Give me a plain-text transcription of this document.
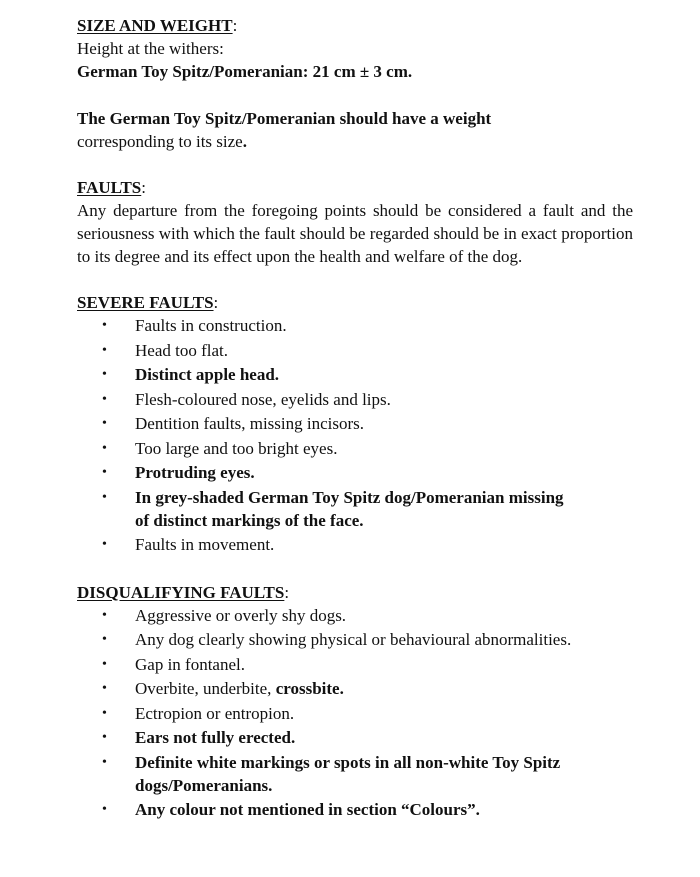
SIZE AND WEIGHT:

Height at the withers:

German Toy Spitz/Pomeranian: 21 cm ± 3 cm.

The German Toy Spitz/Pomeranian should have a weight
corresponding to its size.

FAULTS:

Any departure from the foregoing points should be considered a fault and the seriousness with which the fault should be regarded should be in exact proportion to its degree and its effect upon the health and welfare of the dog.

SEVERE FAULTS:
• Faults in construction.
• Head too flat.
• Distinct apple head.
• Flesh-coloured nose, eyelids and lips.
• Dentition faults, missing incisors.
• Too large and too bright eyes.
• Protruding eyes.
• In grey-shaded German Toy Spitz dog/Pomeranian missing of distinct markings of the face.
• Faults in movement.
DISQUALIFYING FAULTS:
• Aggressive or overly shy dogs.
• Any dog clearly showing physical or behavioural abnormalities.
• Gap in fontanel.
• Overbite, underbite, crossbite.
• Ectropion or entropion.
• Ears not fully erected.
• Definite white markings or spots in all non-white Toy Spitz dogs/Pomeranians.
• Any colour not mentioned in section “Colours”.
